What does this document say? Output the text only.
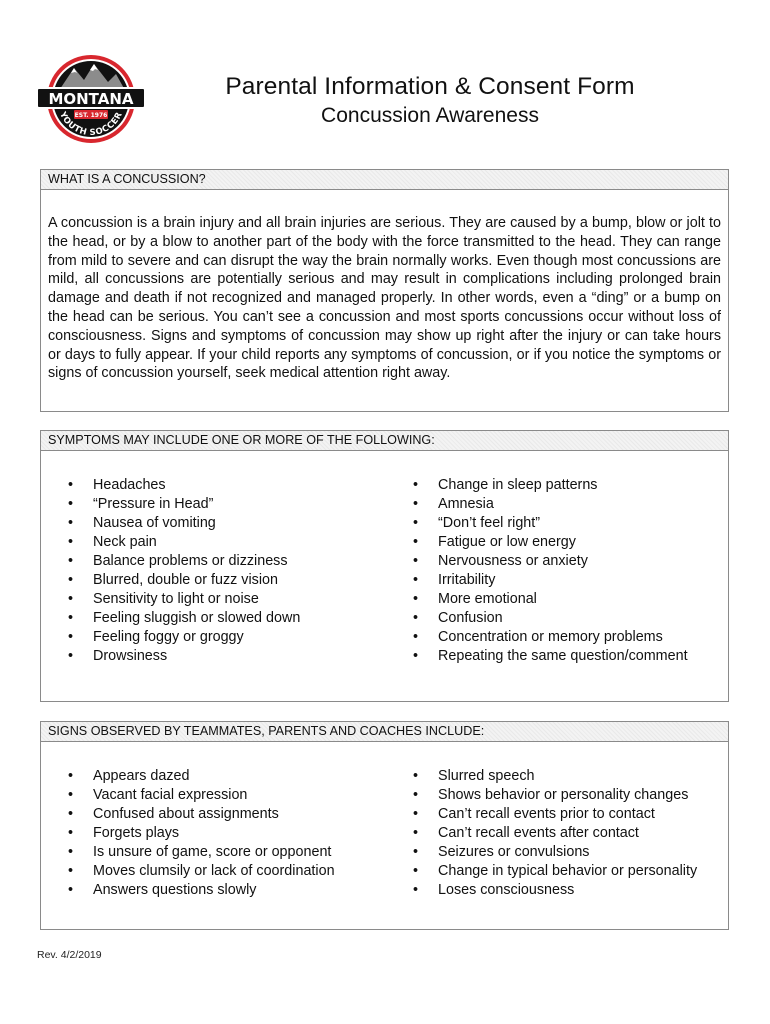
MONTANA
EST. 1976
YOUTH SOCCER
Parental Information & Consent Form
Concussion Awareness
WHAT IS A CONCUSSION?
A concussion is a brain injury and all brain injuries are serious. They are caused by a bump, blow or jolt to the head, or by a blow to another part of the body with the force transmitted to the head. They can range from mild to severe and can disrupt the way the brain normally works. Even though most concussions are mild, all concussions are potentially serious and may result in complications including prolonged brain damage and death if not recognized and managed properly. In other words, even a “ding” or a bump on the head can be serious. You can’t see a concussion and most sports concussions occur without loss of consciousness. Signs and symptoms of concussion may show up right after the injury or can take hours or days to fully appear. If your child reports any symptoms of concussion, or if you notice the symptoms or signs of concussion yourself, seek medical attention right away.
SYMPTOMS MAY INCLUDE ONE OR MORE OF THE FOLLOWING:
• Headaches
• “Pressure in Head”
• Nausea of vomiting
• Neck pain
• Balance problems or dizziness
• Blurred, double or fuzz vision
• Sensitivity to light or noise
• Feeling sluggish or slowed down
• Feeling foggy or groggy
• Drowsiness
• Change in sleep patterns
• Amnesia
• “Don’t feel right”
• Fatigue or low energy
• Nervousness or anxiety
• Irritability
• More emotional
• Confusion
• Concentration or memory problems
• Repeating the same question/comment
SIGNS OBSERVED BY TEAMMATES, PARENTS AND COACHES INCLUDE:
• Appears dazed
• Vacant facial expression
• Confused about assignments
• Forgets plays
• Is unsure of game, score or opponent
• Moves clumsily or lack of coordination
• Answers questions slowly
• Slurred speech
• Shows behavior or personality changes
• Can’t recall events prior to contact
• Can’t recall events after contact
• Seizures or convulsions
• Change in typical behavior or personality
• Loses consciousness
Rev. 4/2/2019
